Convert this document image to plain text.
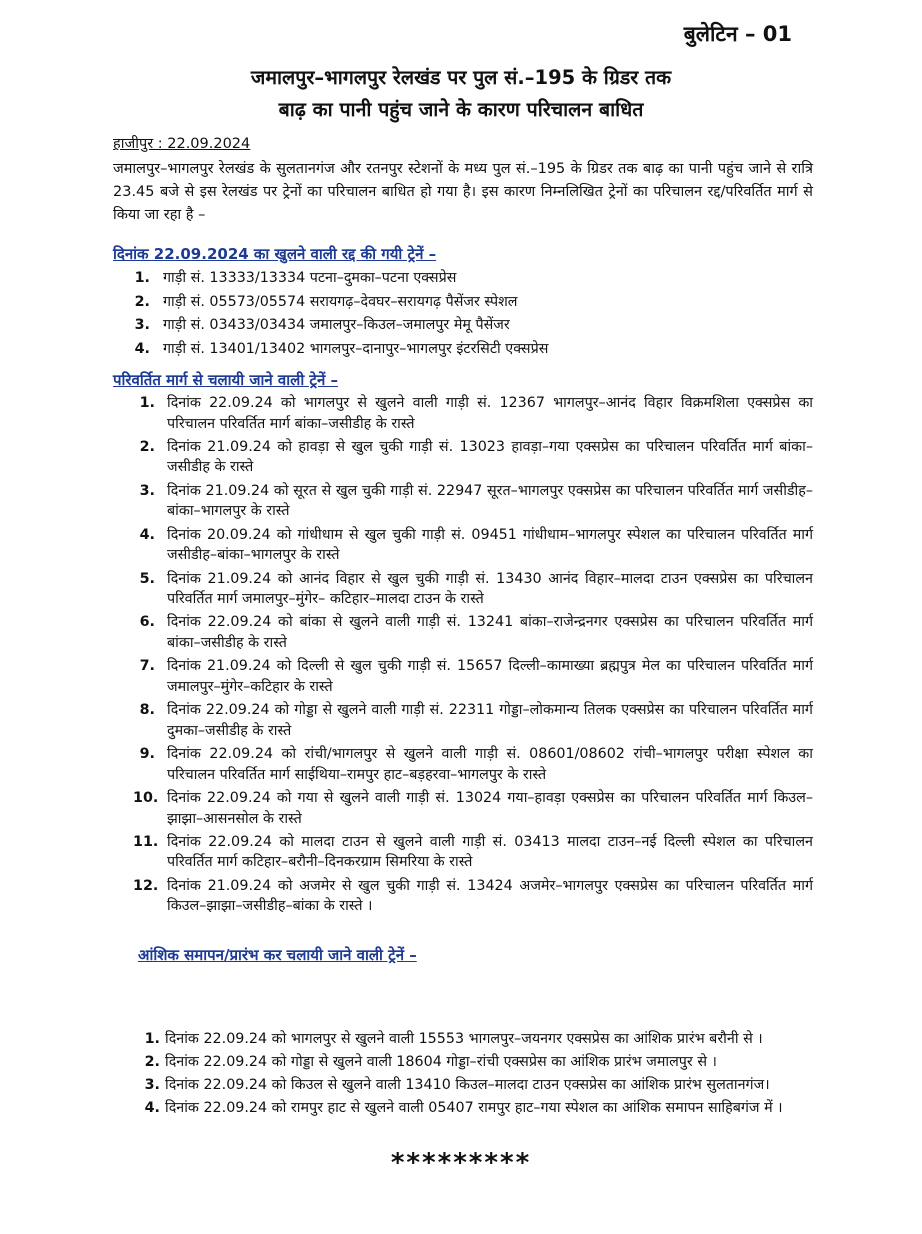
बुलेटिन – 01
जमालपुर–भागलपुर रेलखंड पर पुल सं.–195 के ग्रिडर तक
बाढ़ का पानी पहुंच जाने के कारण परिचालन बाधित
हाजीपुर : 22.09.2024
जमालपुर–भागलपुर रेलखंड के सुलतानगंज और रतनपुर स्टेशनों के मध्य पुल सं.–195 के ग्रिडर तक बाढ़ का पानी पहुंच जाने से रात्रि 23.45 बजे से इस रेलखंड पर ट्रेनों का परिचालन बाधित हो गया है। इस कारण निम्नलिखित ट्रेनों का परिचालन रद्द/परिवर्तित मार्ग से किया जा रहा है –
दिनांक 22.09.2024 का खुलने वाली रद्द की गयी ट्रेनें –
1. गाड़ी सं. 13333/13334 पटना–दुमका–पटना एक्सप्रेस
2. गाड़ी सं. 05573/05574 सरायगढ़–देवघर–सरायगढ़ पैसेंजर स्पेशल
3. गाड़ी सं. 03433/03434 जमालपुर–किउल–जमालपुर मेमू पैसेंजर
4. गाड़ी सं. 13401/13402 भागलपुर–दानापुर–भागलपुर इंटरसिटी एक्सप्रेस
परिवर्तित मार्ग से चलायी जाने वाली ट्रेनें –
1. दिनांक 22.09.24 को भागलपुर से खुलने वाली गाड़ी सं. 12367 भागलपुर–आनंद विहार विक्रमशिला एक्सप्रेस का परिचालन परिवर्तित मार्ग बांका–जसीडीह के रास्ते
2. दिनांक 21.09.24 को हावड़ा से खुल चुकी गाड़ी सं. 13023 हावड़ा–गया एक्सप्रेस का परिचालन परिवर्तित मार्ग बांका–जसीडीह के रास्ते
3. दिनांक 21.09.24 को सूरत से खुल चुकी गाड़ी सं. 22947 सूरत–भागलपुर एक्सप्रेस का परिचालन परिवर्तित मार्ग जसीडीह–बांका–भागलपुर के रास्ते
4. दिनांक 20.09.24 को गांधीधाम से खुल चुकी गाड़ी सं. 09451 गांधीधाम–भागलपुर स्पेशल का परिचालन परिवर्तित मार्ग जसीडीह–बांका–भागलपुर के रास्ते
5. दिनांक 21.09.24 को आनंद विहार से खुल चुकी गाड़ी सं. 13430 आनंद विहार–मालदा टाउन एक्सप्रेस का परिचालन परिवर्तित मार्ग जमालपुर–मुंगेर– कटिहार–मालदा टाउन के रास्ते
6. दिनांक 22.09.24 को बांका से खुलने वाली गाड़ी सं. 13241 बांका–राजेन्द्रनगर एक्सप्रेस का परिचालन परिवर्तित मार्ग बांका–जसीडीह के रास्ते
7. दिनांक 21.09.24 को दिल्ली से खुल चुकी गाड़ी सं. 15657 दिल्ली–कामाख्या ब्रह्मपुत्र मेल का परिचालन परिवर्तित मार्ग जमालपुर–मुंगेर–कटिहार के रास्ते
8. दिनांक 22.09.24 को गोड्डा से खुलने वाली गाड़ी सं. 22311 गोड्डा–लोकमान्य तिलक एक्सप्रेस का परिचालन परिवर्तित मार्ग दुमका–जसीडीह के रास्ते
9. दिनांक 22.09.24 को रांची/भागलपुर से खुलने वाली गाड़ी सं. 08601/08602 रांची–भागलपुर परीक्षा स्पेशल का परिचालन परिवर्तित मार्ग साईथिया–रामपुर हाट–बड़हरवा–भागलपुर के रास्ते
10. दिनांक 22.09.24 को गया से खुलने वाली गाड़ी सं. 13024 गया–हावड़ा एक्सप्रेस का परिचालन परिवर्तित मार्ग किउल–झाझा–आसनसोल के रास्ते
11. दिनांक 22.09.24 को मालदा टाउन से खुलने वाली गाड़ी सं. 03413 मालदा टाउन–नई दिल्ली स्पेशल का परिचालन परिवर्तित मार्ग कटिहार–बरौनी–दिनकरग्राम सिमरिया के रास्ते
12. दिनांक 21.09.24 को अजमेर से खुल चुकी गाड़ी सं. 13424 अजमेर–भागलपुर एक्सप्रेस का परिचालन परिवर्तित मार्ग किउल–झाझा–जसीडीह–बांका के रास्ते ।
आंशिक समापन/प्रारंभ कर चलायी जाने वाली ट्रेनें –
1. दिनांक 22.09.24 को भागलपुर से खुलने वाली 15553 भागलपुर–जयनगर एक्सप्रेस का आंशिक प्रारंभ बरौनी से ।
2. दिनांक 22.09.24 को गोड्डा से खुलने वाली 18604 गोड्डा–रांची एक्सप्रेस का आंशिक प्रारंभ जमालपुर से ।
3. दिनांक 22.09.24 को किउल से खुलने वाली 13410 किउल–मालदा टाउन एक्सप्रेस का आंशिक प्रारंभ सुलतानगंज।
4. दिनांक 22.09.24 को रामपुर हाट से खुलने वाली 05407 रामपुर हाट–गया स्पेशल का आंशिक समापन साहिबगंज में ।
*********
